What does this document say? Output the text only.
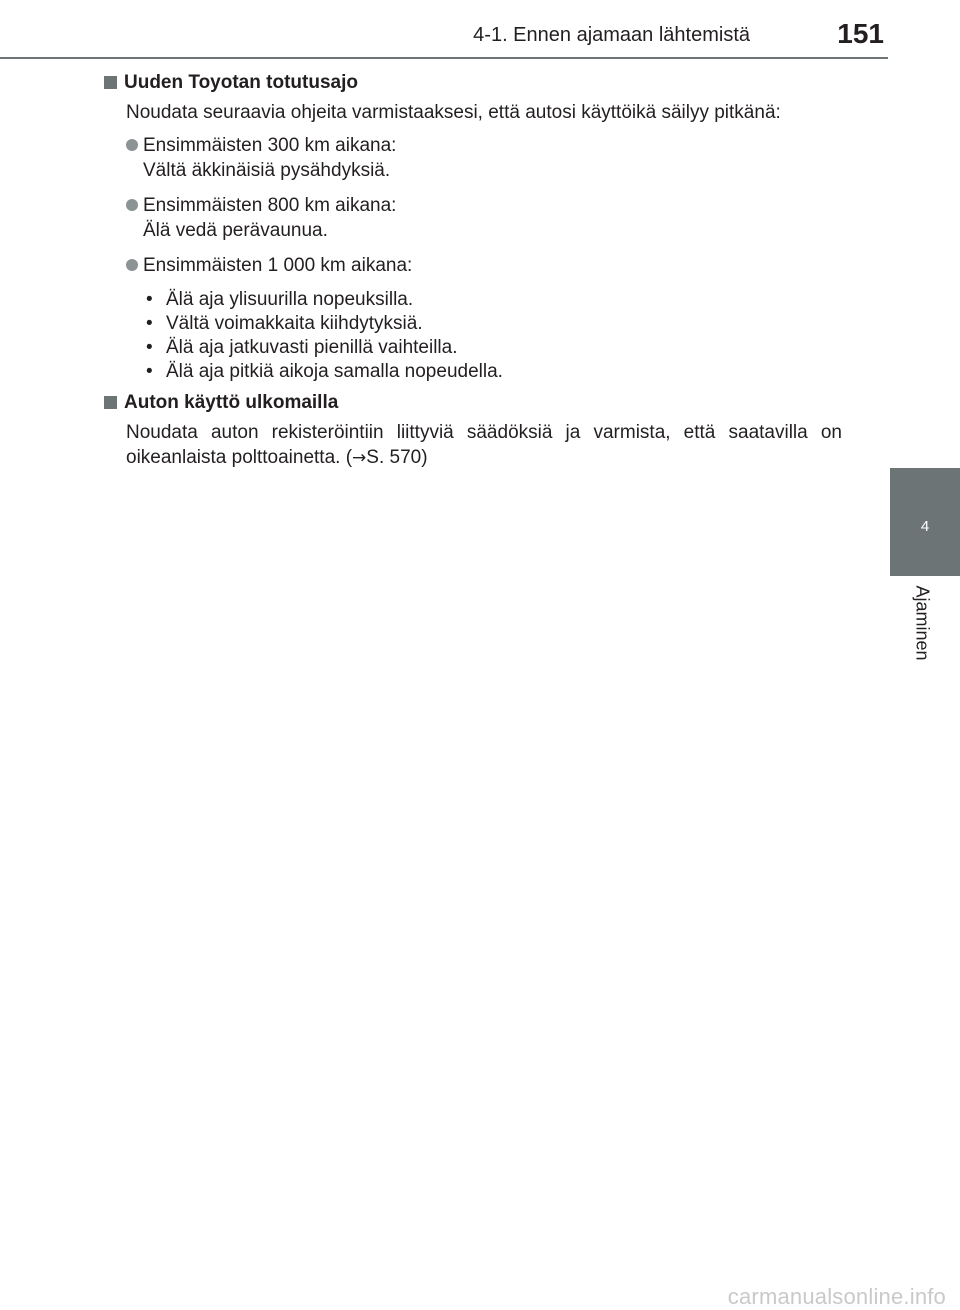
4-1. Ennen ajamaan lähtemistä	151
4
Ajaminen
Uuden Toyotan totutusajo

Noudata seuraavia ohjeita varmistaaksesi, että autosi käyttöikä säilyy pitkänä:

Ensimmäisten 300 km aikana:
Vältä äkkinäisiä pysähdyksiä.
Ensimmäisten 800 km aikana:
Älä vedä perävaunua.
Ensimmäisten 1 000 km aikana:
• Älä aja ylisuurilla nopeuksilla.
• Vältä voimakkaita kiihdytyksiä.
• Älä aja jatkuvasti pienillä vaihteilla.
• Älä aja pitkiä aikoja samalla nopeudella.
Auton käyttö ulkomailla

Noudata auton rekisteröintiin liittyviä säädöksiä ja varmista, että saatavilla on oikeanlaista polttoainetta. (→S. 570)

carmanualsonline.info
